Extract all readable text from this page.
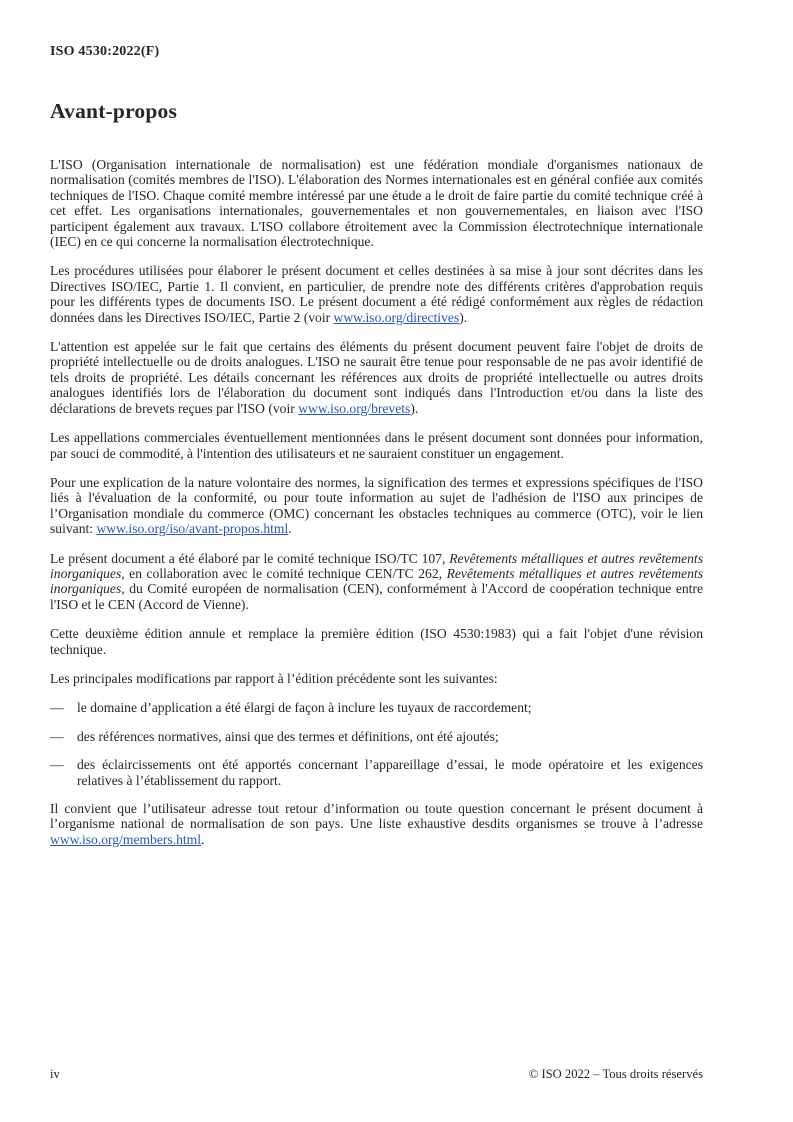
ISO 4530:2022(F)
Avant-propos

L'ISO (Organisation internationale de normalisation) est une fédération mondiale d'organismes nationaux de normalisation (comités membres de l'ISO). L'élaboration des Normes internationales est en général confiée aux comités techniques de l'ISO. Chaque comité membre intéressé par une étude a le droit de faire partie du comité technique créé à cet effet. Les organisations internationales, gouvernementales et non gouvernementales, en liaison avec l'ISO participent également aux travaux. L'ISO collabore étroitement avec la Commission électrotechnique internationale (IEC) en ce qui concerne la normalisation électrotechnique.

Les procédures utilisées pour élaborer le présent document et celles destinées à sa mise à jour sont décrites dans les Directives ISO/IEC, Partie 1. Il convient, en particulier, de prendre note des différents critères d'approbation requis pour les différents types de documents ISO. Le présent document a été rédigé conformément aux règles de rédaction données dans les Directives ISO/IEC, Partie 2 (voir www.iso.org/directives).

L'attention est appelée sur le fait que certains des éléments du présent document peuvent faire l'objet de droits de propriété intellectuelle ou de droits analogues. L'ISO ne saurait être tenue pour responsable de ne pas avoir identifié de tels droits de propriété. Les détails concernant les références aux droits de propriété intellectuelle ou autres droits analogues identifiés lors de l'élaboration du document sont indiqués dans l'Introduction et/ou dans la liste des déclarations de brevets reçues par l'ISO (voir www.iso.org/brevets).

Les appellations commerciales éventuellement mentionnées dans le présent document sont données pour information, par souci de commodité, à l'intention des utilisateurs et ne sauraient constituer un engagement.

Pour une explication de la nature volontaire des normes, la signification des termes et expressions spécifiques de l'ISO liés à l'évaluation de la conformité, ou pour toute information au sujet de l'adhésion de l'ISO aux principes de l’Organisation mondiale du commerce (OMC) concernant les obstacles techniques au commerce (OTC), voir le lien suivant: www.iso.org/iso/avant-propos.html.

Le présent document a été élaboré par le comité technique ISO/TC 107, Revêtements métalliques et autres revêtements inorganiques, en collaboration avec le comité technique CEN/TC 262, Revêtements métalliques et autres revêtements inorganiques, du Comité européen de normalisation (CEN), conformément à l'Accord de coopération technique entre l'ISO et le CEN (Accord de Vienne).

Cette deuxième édition annule et remplace la première édition (ISO 4530:1983) qui a fait l'objet d'une révision technique.

Les principales modifications par rapport à l’édition précédente sont les suivantes:

— le domaine d’application a été élargi de façon à inclure les tuyaux de raccordement;
— des références normatives, ainsi que des termes et définitions, ont été ajoutés;
— des éclaircissements ont été apportés concernant l’appareillage d’essai, le mode opératoire et les exigences relatives à l’établissement du rapport.

Il convient que l’utilisateur adresse tout retour d’information ou toute question concernant le présent document à l’organisme national de normalisation de son pays. Une liste exhaustive desdits organismes se trouve à l’adresse www.iso.org/members.html.

iv	© ISO 2022 – Tous droits réservés
